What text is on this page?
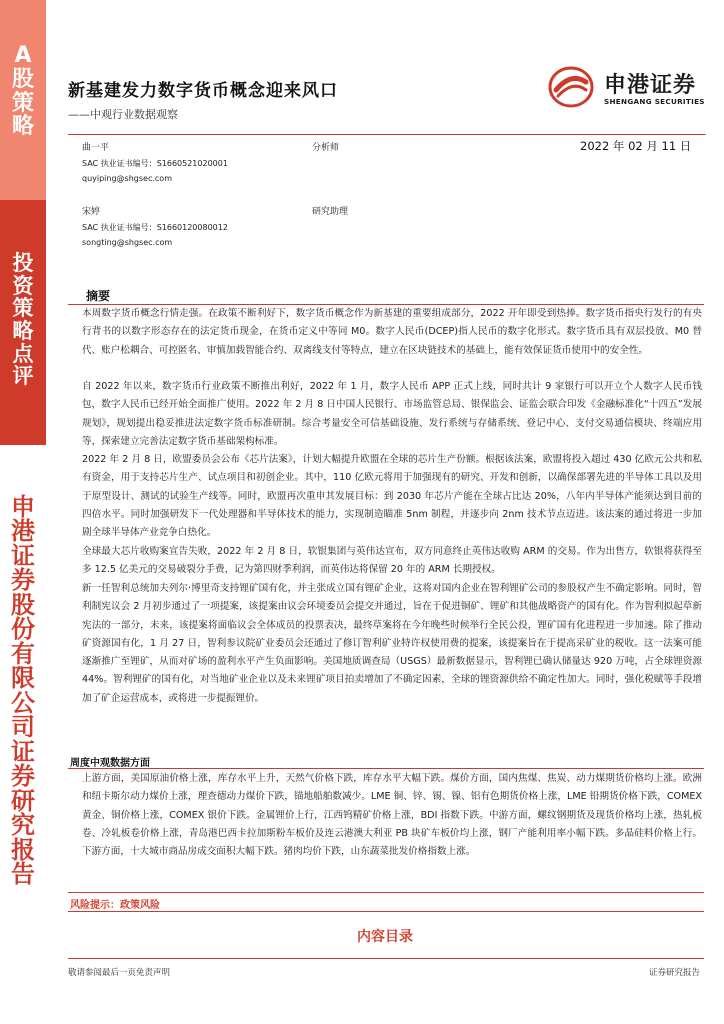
A
股
策
略
投
资
策
略
点
评
申
港
证
券
股
份
有
限
公
司
证
券
研
究
报
告
新基建发力数字货币概念迎来风口
——中观行业数据观察
申港证券
SHENGANG SECURITIES
2022 年 02 月 11 日
曲一平	分析师
SAC 执业证书编号：S1660521020001
quyiping@shgsec.com
宋婷	研究助理
SAC 执业证书编号：S1660120080012
songting@shgsec.com
摘要
本周数字货币概念行情走强。在政策不断利好下，数字货币概念作为新基建的重要组成部分，2022 开年即受到热捧。数字货币指央行发行的有央行背书的以数字形态存在的法定货币现金，在货币定义中等同 M0。数字人民币(DCEP)指人民币的数字化形式。数字货币具有双层投放、M0 替代、账户松耦合、可控匿名、审慎加载智能合约、双离线支付等特点，建立在区块链技术的基础上，能有效保证货币使用中的安全性。
自 2022 年以来，数字货币行业政策不断推出利好，2022 年 1 月，数字人民币 APP 正式上线，同时共计 9 家银行可以开立个人数字人民币钱包，数字人民币已经开始全面推广使用。2022 年 2 月 8 日中国人民银行、市场监管总局、银保监会、证监会联合印发《金融标准化“十四五”发展规划》，规划提出稳妥推进法定数字货币标准研制。综合考量安全可信基础设施、发行系统与存储系统、登记中心、支付交易通信模块、终端应用等，探索建立完善法定数字货币基础架构标准。
2022 年 2 月 8 日，欧盟委员会公布《芯片法案》，计划大幅提升欧盟在全球的芯片生产份额。根据该法案，欧盟将投入超过 430 亿欧元公共和私有资金，用于支持芯片生产、试点项目和初创企业。其中，110 亿欧元将用于加强现有的研究、开发和创新，以确保部署先进的半导体工具以及用于原型设计、测试的试验生产线等。同时，欧盟再次重申其发展目标：到 2030 年芯片产能在全球占比达 20%，八年内半导体产能须达到目前的四倍水平。同时加强研发下一代处理器和半导体技术的能力，实现制造瞄准 5nm 制程，并逐步向 2nm 技术节点迈进。该法案的通过将进一步加剧全球半导体产业竞争白热化。
全球最大芯片收购案宣告失败，2022 年 2 月 8 日，软银集团与英伟达宣布，双方同意终止英伟达收购 ARM 的交易。作为出售方，软银将获得至多 12.5 亿美元的交易破裂分手费，记为第四财季利润，而英伟达将保留 20 年的 ARM 长期授权。
新一任智利总统加夫列尔·博里奇支持锂矿国有化，并主张成立国有锂矿企业，这将对国内企业在智利锂矿公司的参股权产生不确定影响。同时，智利制宪议会 2 月初步通过了一项提案，该提案由议会环境委员会提交并通过，旨在于促进铜矿、锂矿和其他战略资产的国有化。作为智利拟起草新宪法的一部分，未来，该提案将面临议会全体成员的投票表决，最终草案将在今年晚些时候举行全民公投，锂矿国有化进程进一步加速。除了推动矿资源国有化，1 月 27 日，智利参议院矿业委员会还通过了修订智利矿业特许权使用费的提案，该提案旨在于提高采矿业的税收。这一法案可能逐渐推广至锂矿，从而对矿场的盈利水平产生负面影响。美国地质调查局（USGS）最新数据显示，智利锂已确认储量达 920 万吨，占全球锂资源 44%。智利锂矿的国有化，对当地矿业企业以及未来锂矿项目拍卖增加了不确定因素，全球的锂资源供给不确定性加大。同时，强化税赋等手段增加了矿企运营成本，或将进一步提振锂价。
周度中观数据方面
上游方面，美国原油价格上涨，库存水平上升，天然气价格下跌，库存水平大幅下跌。煤价方面，国内焦煤、焦炭、动力煤期货价格均上涨。欧洲和纽卡斯尔动力煤价上涨，理查德动力煤价下跌，锚地船舶数减少。LME 铜、锌、锡、镍、铝有色期货价格上涨，LME 铅期货价格下跌，COMEX 黄金、铜价格上涨，COMEX 银价下跌。金属锂价上行，江西钨精矿价格上涨，BDI 指数下跌。中游方面，螺纹钢期货及现货价格均上涨，热轧板卷、冷轧板卷价格上涨，青岛港巴西卡拉加斯粉车板价及连云港澳大利亚 PB 块矿车板价均上涨，钢厂产能利用率小幅下跌。多晶硅料价格上行。下游方面，十大城市商品房成交面积大幅下跌。猪肉均价下跌，山东蔬菜批发价格指数上涨。
风险提示：政策风险
内容目录
敬请参阅最后一页免责声明	证券研究报告
